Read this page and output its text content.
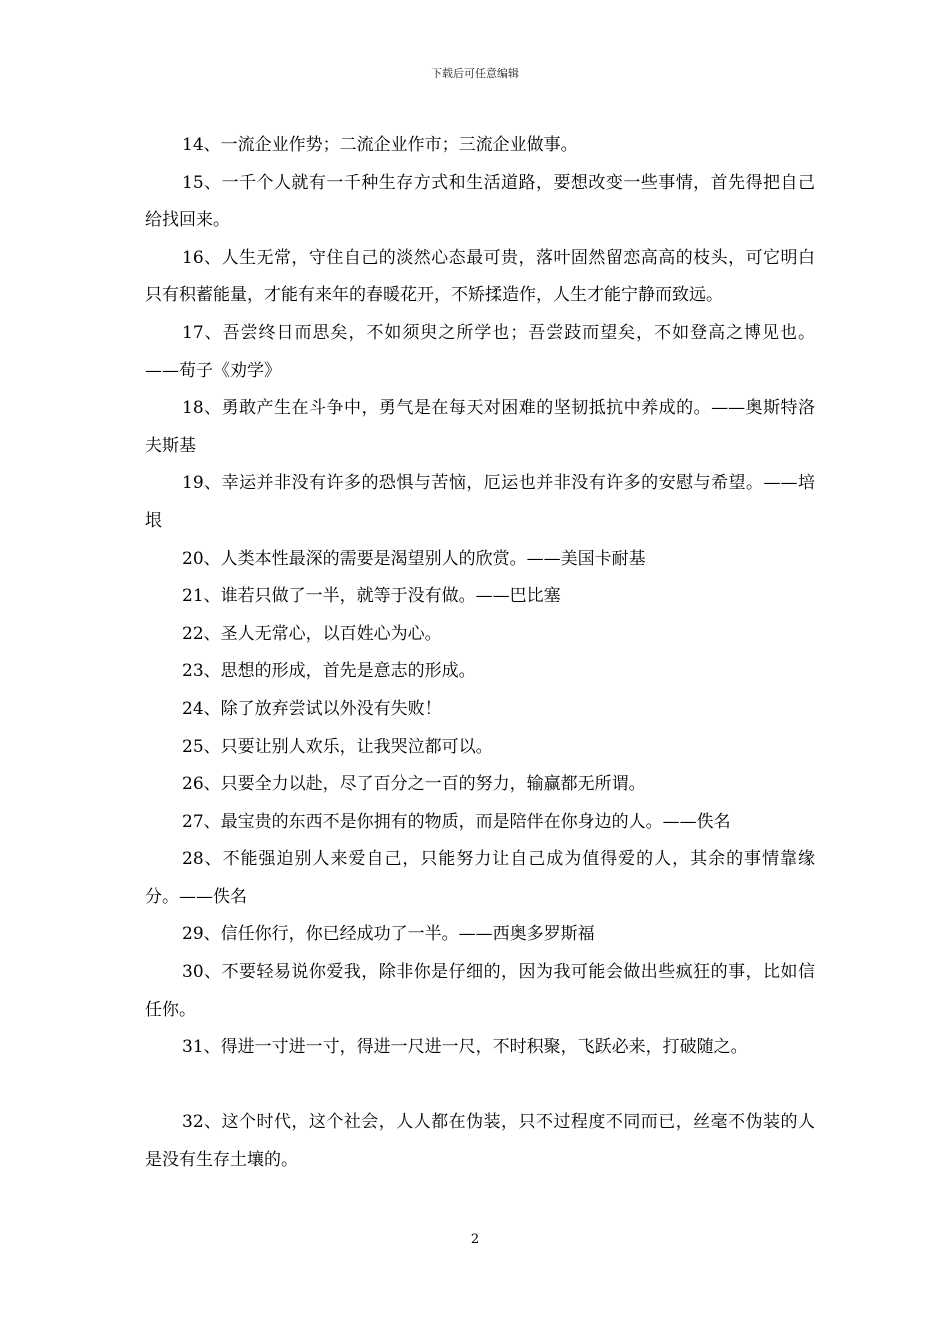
下载后可任意编辑

14、一流企业作势；二流企业作市；三流企业做事。

15、一千个人就有一千种生存方式和生活道路，要想改变一些事情，首先得把自己给找回来。

16、人生无常，守住自己的淡然心态最可贵，落叶固然留恋高高的枝头，可它明白只有积蓄能量，才能有来年的春暖花开，不矫揉造作，人生才能宁静而致远。

17、吾尝终日而思矣，不如须臾之所学也；吾尝跂而望矣，不如登高之博见也。——荀子《劝学》

18、勇敢产生在斗争中，勇气是在每天对困难的坚韧抵抗中养成的。——奥斯特洛夫斯基

19、幸运并非没有许多的恐惧与苦恼，厄运也并非没有许多的安慰与希望。——培垠

20、人类本性最深的需要是渴望别人的欣赏。——美国卡耐基

21、谁若只做了一半，就等于没有做。——巴比塞

22、圣人无常心，以百姓心为心。

23、思想的形成，首先是意志的形成。

24、除了放弃尝试以外没有失败！

25、只要让别人欢乐，让我哭泣都可以。

26、只要全力以赴，尽了百分之一百的努力，输赢都无所谓。

27、最宝贵的东西不是你拥有的物质，而是陪伴在你身边的人。——佚名

28、不能强迫别人来爱自己，只能努力让自己成为值得爱的人，其余的事情靠缘分。——佚名

29、信任你行，你已经成功了一半。——西奥多罗斯福

30、不要轻易说你爱我，除非你是仔细的，因为我可能会做出些疯狂的事，比如信任你。

31、得进一寸进一寸，得进一尺进一尺，不时积聚，飞跃必来，打破随之。

32、这个时代，这个社会，人人都在伪装，只不过程度不同而已，丝毫不伪装的人是没有生存土壤的。

2
